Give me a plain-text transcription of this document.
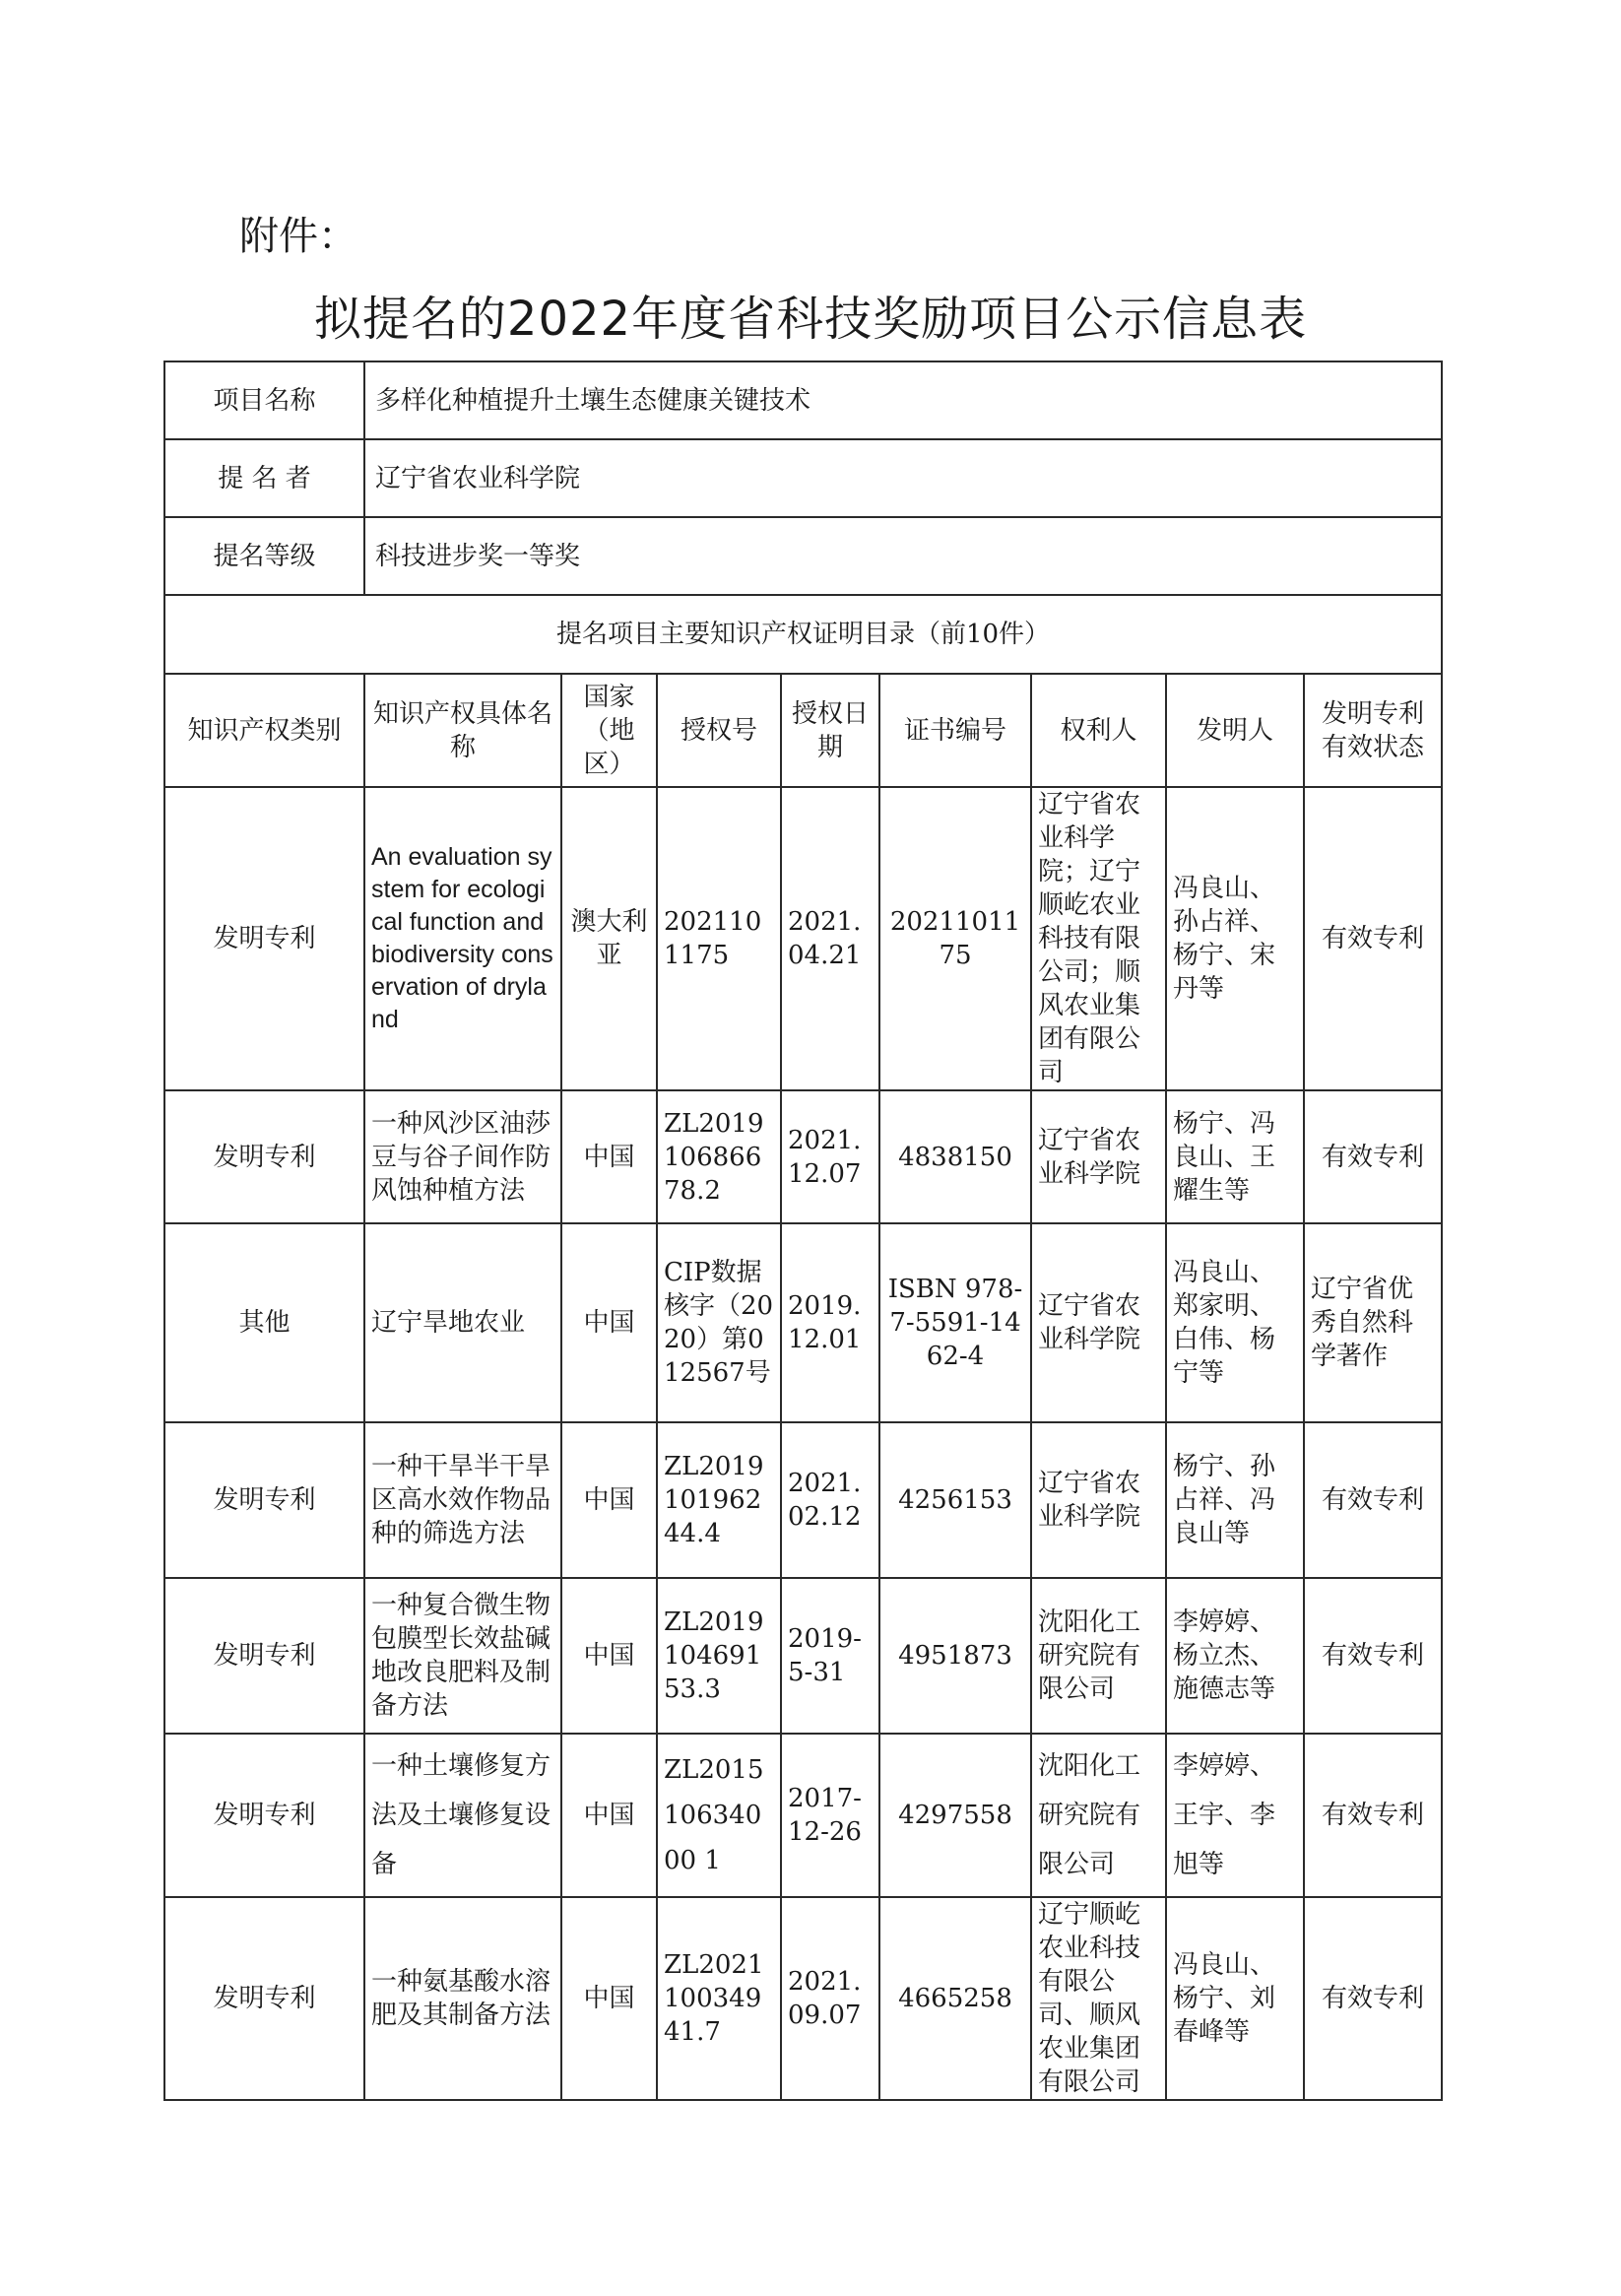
附件：
拟提名的2022年度省科技奖励项目公示信息表
项目名称	多样化种植提升土壤生态健康关键技术							
提 名 者	辽宁省农业科学院							
提名等级	科技进步奖一等奖							
提名项目主要知识产权证明目录（前10件）								
知识产权类别	知识产权具体名称	国家（地区）	授权号	授权日期	证书编号	权利人	发明人	发明专利有效状态
发明专利	An evaluation system for ecological function and biodiversity conservation of dryland	澳大利亚	2021101175	2021.04.21	2021101175	辽宁省农业科学院；辽宁顺屹农业科技有限公司；顺风农业集团有限公司	冯良山、孙占祥、杨宁、宋丹等	有效专利
发明专利	一种风沙区油莎豆与谷子间作防风蚀种植方法	中国	ZL201910686678.2	2021.12.07	4838150	辽宁省农业科学院	杨宁、冯良山、王耀生等	有效专利
其他	辽宁旱地农业	中国	CIP数据核字（2020）第012567号	2019.12.01	ISBN 978-7-5591-1462-4	辽宁省农业科学院	冯良山、郑家明、白伟、杨宁等	辽宁省优秀自然科学著作
发明专利	一种干旱半干旱区高水效作物品种的筛选方法	中国	ZL201910196244.4	2021.02.12	4256153	辽宁省农业科学院	杨宁、孙占祥、冯良山等	有效专利
发明专利	一种复合微生物包膜型长效盐碱地改良肥料及制备方法	中国	ZL201910469153.3	2019-5-31	4951873	沈阳化工研究院有限公司	李婷婷、杨立杰、施德志等	有效专利
发明专利	一种土壤修复方法及土壤修复设备	中国	ZL201510634000 1	2017-12-26	4297558	沈阳化工研究院有限公司	李婷婷、王宇、李旭等	有效专利
发明专利	一种氨基酸水溶肥及其制备方法	中国	ZL202110034941.7	2021.09.07	4665258	辽宁顺屹农业科技有限公司、顺风农业集团有限公司	冯良山、杨宁、刘春峰等	有效专利
